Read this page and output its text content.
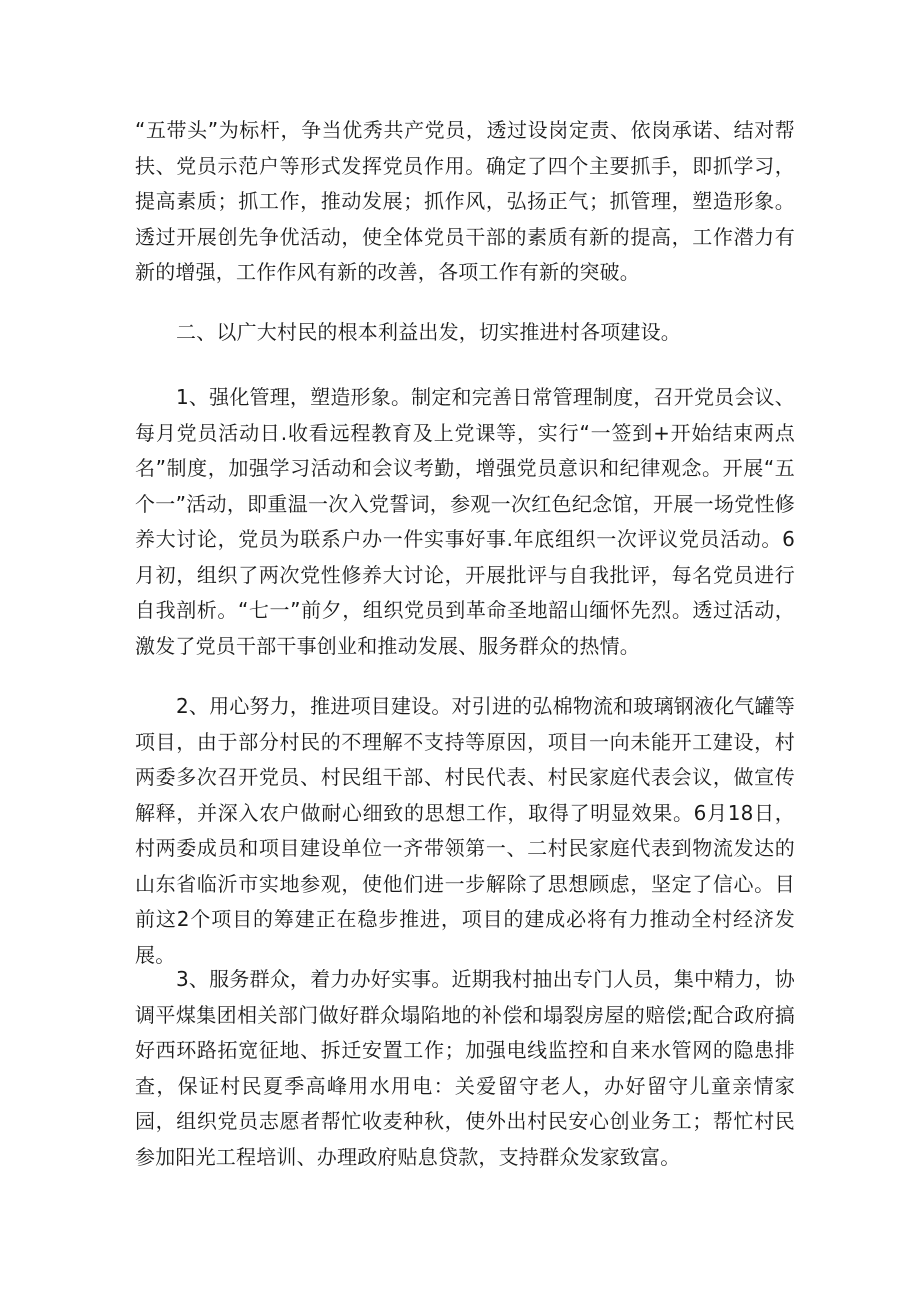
“五带头”为标杆，争当优秀共产党员，透过设岗定责、依岗承诺、结对帮扶、党员示范户等形式发挥党员作用。确定了四个主要抓手，即抓学习，提高素质；抓工作，推动发展；抓作风，弘扬正气；抓管理，塑造形象。透过开展创先争优活动，使全体党员干部的素质有新的提高，工作潜力有新的增强，工作作风有新的改善，各项工作有新的突破。

二、以广大村民的根本利益出发，切实推进村各项建设。

1、强化管理，塑造形象。制定和完善日常管理制度，召开党员会议、每月党员活动日.收看远程教育及上党课等，实行“一签到+开始结束两点名”制度，加强学习活动和会议考勤，增强党员意识和纪律观念。开展“五个一”活动，即重温一次入党誓词，参观一次红色纪念馆，开展一场党性修养大讨论，党员为联系户办一件实事好事.年底组织一次评议党员活动。6月初，组织了两次党性修养大讨论，开展批评与自我批评，每名党员进行自我剖析。“七一”前夕，组织党员到革命圣地韶山缅怀先烈。透过活动，激发了党员干部干事创业和推动发展、服务群众的热情。

2、用心努力，推进项目建设。对引进的弘棉物流和玻璃钢液化气罐等项目，由于部分村民的不理解不支持等原因，项目一向未能开工建设，村两委多次召开党员、村民组干部、村民代表、村民家庭代表会议，做宣传解释，并深入农户做耐心细致的思想工作，取得了明显效果。6月18日，村两委成员和项目建设单位一齐带领第一、二村民家庭代表到物流发达的山东省临沂市实地参观，使他们进一步解除了思想顾虑，坚定了信心。目前这2个项目的筹建正在稳步推进，项目的建成必将有力推动全村经济发展。

3、服务群众，着力办好实事。近期我村抽出专门人员，集中精力，协调平煤集团相关部门做好群众塌陷地的补偿和塌裂房屋的赔偿;配合政府搞好西环路拓宽征地、拆迁安置工作；加强电线监控和自来水管网的隐患排查，保证村民夏季高峰用水用电：关爱留守老人，办好留守儿童亲情家园，组织党员志愿者帮忙收麦种秋，使外出村民安心创业务工；帮忙村民参加阳光工程培训、办理政府贴息贷款，支持群众发家致富。
